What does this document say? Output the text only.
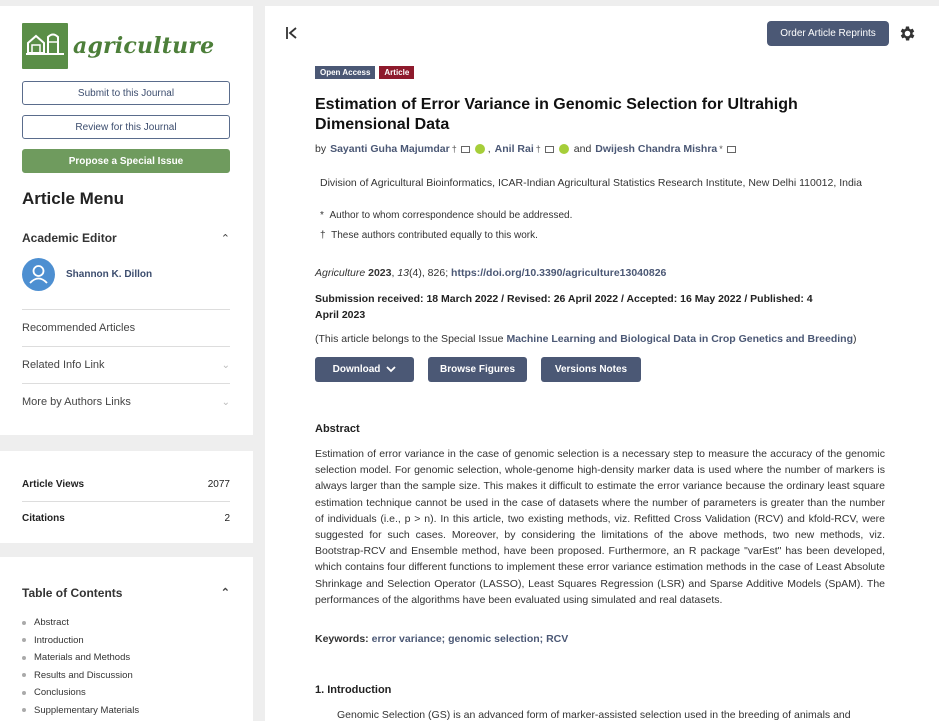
agriculture
Submit to this Journal
Review for this Journal
Propose a Special Issue
Article Menu
Academic Editor	⌃
Shannon K. Dillon
Recommended Articles
Related Info Link	⌄
More by Authors Links	⌄
Article Views	2077
Citations	2
Table of Contents	⌃
Abstract
Introduction
Materials and Methods
Results and Discussion
Conclusions
Supplementary Materials
Order Article Reprints
Open Access	Article
Estimation of Error Variance in Genomic Selection for Ultrahigh Dimensional Data
by Sayanti Guha Majumdar †	, Anil Rai †	and Dwijesh Chandra Mishra *
Division of Agricultural Bioinformatics, ICAR-Indian Agricultural Statistics Research Institute, New Delhi 110012, India
* Author to whom correspondence should be addressed.
† These authors contributed equally to this work.
Agriculture 2023, 13(4), 826; https://doi.org/10.3390/agriculture13040826
Submission received: 18 March 2022 / Revised: 26 April 2022 / Accepted: 16 May 2022 / Published: 4 April 2023
(This article belongs to the Special Issue Machine Learning and Biological Data in Crop Genetics and Breeding)
Download	Browse Figures	Versions Notes
Abstract
Estimation of error variance in the case of genomic selection is a necessary step to measure the accuracy of the genomic selection model. For genomic selection, whole-genome high-density marker data is used where the number of markers is always larger than the sample size. This makes it difficult to estimate the error variance because the ordinary least square estimation technique cannot be used in the case of datasets where the number of parameters is greater than the number of individuals (i.e., p > n). In this article, two existing methods, viz. Refitted Cross Validation (RCV) and kfold-RCV, were suggested for such cases. Moreover, by considering the limitations of the above methods, two new methods, viz. Bootstrap-RCV and Ensemble method, have been proposed. Furthermore, an R package "varEst" has been developed, which contains four different functions to implement these error variance estimation methods in the case of Least Absolute Shrinkage and Selection Operator (LASSO), Least Squares Regression (LSR) and Sparse Additive Models (SpAM). The performances of the algorithms have been evaluated using simulated and real datasets.
Keywords: error variance; genomic selection; RCV
1. Introduction
Genomic Selection (GS) is an advanced form of marker-assisted selection used in the breeding of animals and
